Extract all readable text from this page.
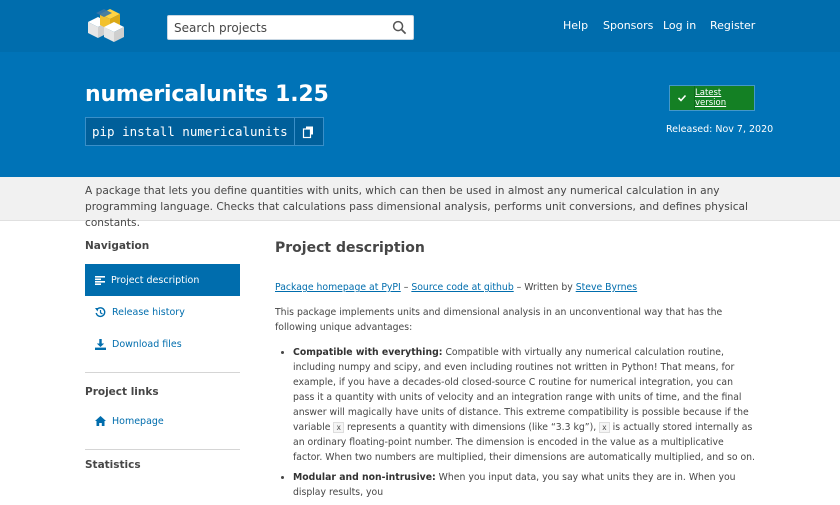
Search projects	Help Sponsors Log in Register
numericalunits 1.25
pip install numericalunits
Latest version
Released: Nov 7, 2020
A package that lets you define quantities with units, which can then be used in almost any numerical calculation in any programming language. Checks that calculations pass dimensional analysis, performs unit conversions, and defines physical constants.
Navigation
Project description
Release history
Download files
Project links
Homepage
Statistics
Project description
Package homepage at PyPI – Source code at github – Written by Steve Byrnes

This package implements units and dimensional analysis in an unconventional way that has the following unique advantages:

• Compatible with everything: Compatible with virtually any numerical calculation routine, including numpy and scipy, and even including routines not written in Python! That means, for example, if you have a decades-old closed-source C routine for numerical integration, you can pass it a quantity with units of velocity and an integration range with units of time, and the final answer will magically have units of distance. This extreme compatibility is possible because if the variable x represents a quantity with dimensions (like “3.3 kg”), x is actually stored internally as an ordinary floating-point number. The dimension is encoded in the value as a multiplicative factor. When two numbers are multiplied, their dimensions are automatically multiplied, and so on.
• Modular and non-intrusive: When you input data, you say what units they are in. When you display results, you
